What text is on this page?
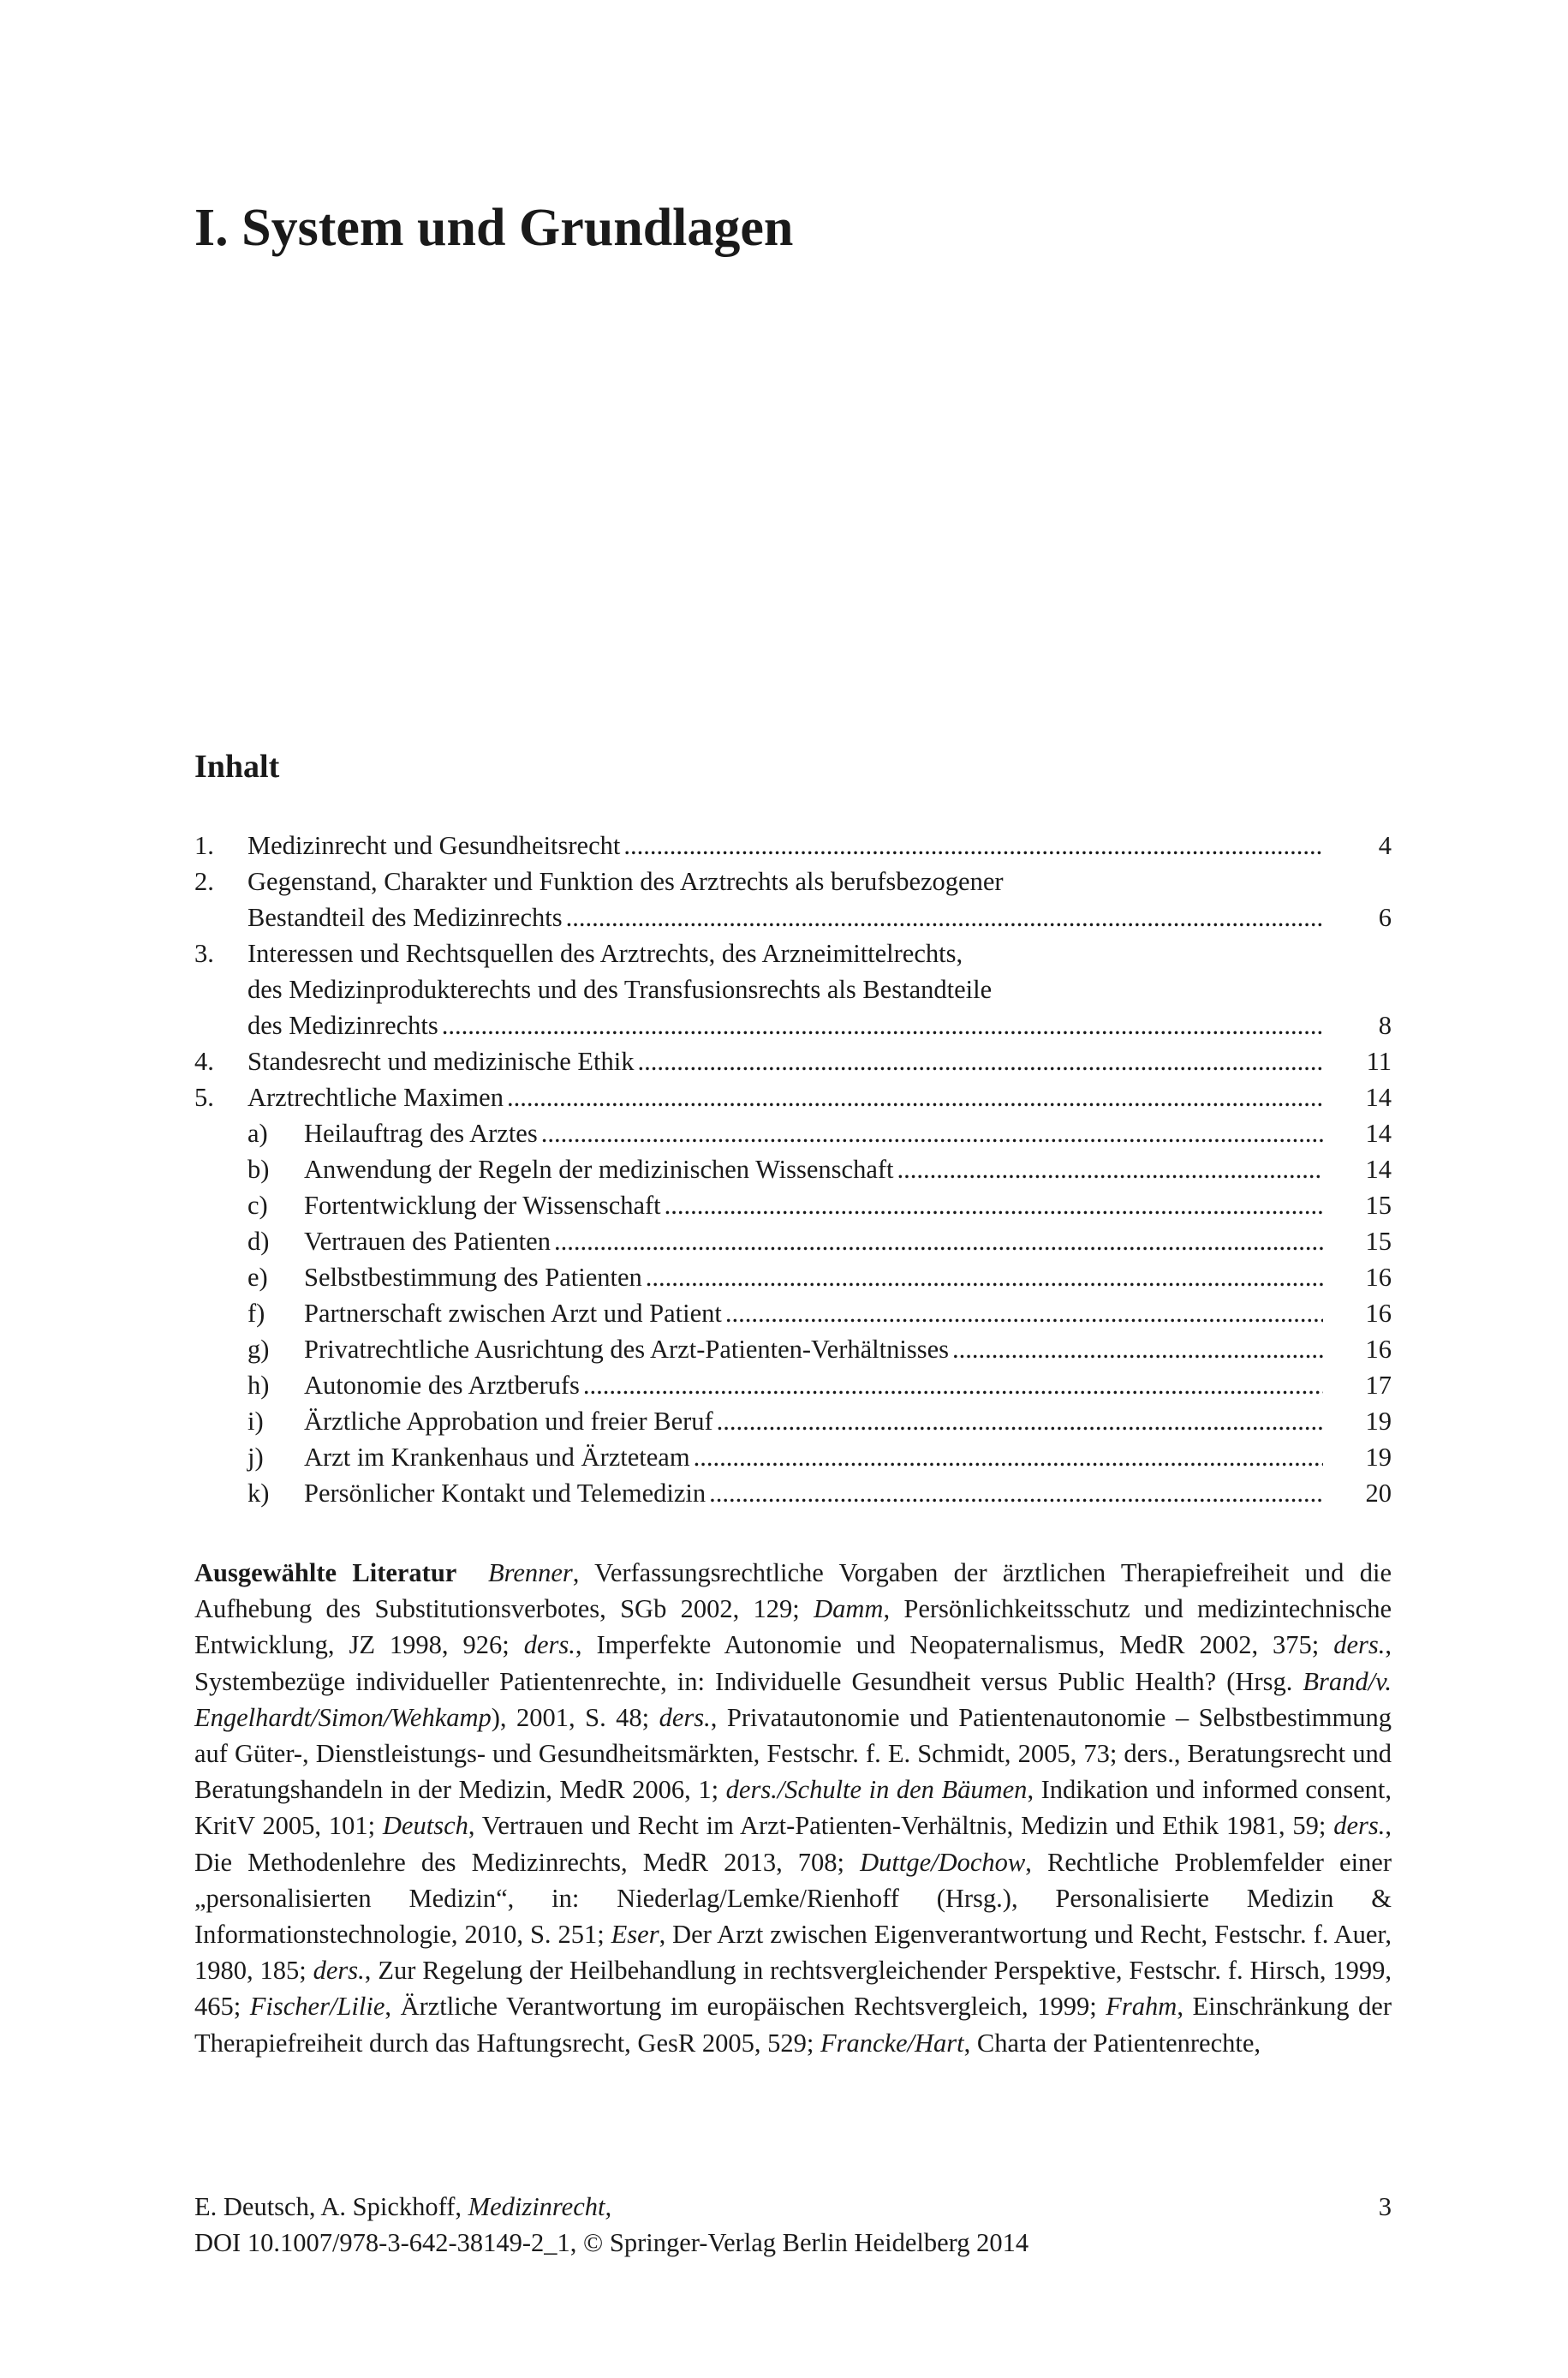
I. System und Grundlagen
Inhalt
1.	Medizinrecht und Gesundheitsrecht .....	4
2.	Gegenstand, Charakter und Funktion des Arztrechts als berufsbezogener
Bestandteil des Medizinrechts .....	6
3.	Interessen und Rechtsquellen des Arztrechts, des Arzneimittelrechts,
des Medizinprodukterechts und des Transfusionsrechts als Bestandteile
des Medizinrechts .....	8
4.	Standesrecht und medizinische Ethik .....	11
5.	Arztrechtliche Maximen .....	14
a)	Heilauftrag des Arztes .....	14
b)	Anwendung der Regeln der medizinischen Wissenschaft .....	14
c)	Fortentwicklung der Wissenschaft .....	15
d)	Vertrauen des Patienten .....	15
e)	Selbstbestimmung des Patienten .....	16
f)	Partnerschaft zwischen Arzt und Patient .....	16
g)	Privatrechtliche Ausrichtung des Arzt-Patienten-Verhältnisses .....	16
h)	Autonomie des Arztberufs .....	17
i)	Ärztliche Approbation und freier Beruf .....	19
j)	Arzt im Krankenhaus und Ärzteteam .....	19
k)	Persönlicher Kontakt und Telemedizin .....	20

Ausgewählte Literatur Brenner, Verfassungsrechtliche Vorgaben der ärztlichen Therapiefreiheit und die Aufhebung des Substitutionsverbotes, SGb 2002, 129; Damm, Persönlichkeitsschutz und medizintechnische Entwicklung, JZ 1998, 926; ders., Imperfekte Autonomie und Neopaternalismus, MedR 2002, 375; ders., Systembezüge individueller Patientenrechte, in: Individuelle Gesundheit versus Public Health? (Hrsg. Brand/v. Engelhardt/Simon/Wehkamp), 2001, S. 48; ders., Privatautonomie und Patientenautonomie – Selbstbestimmung auf Güter-, Dienstleistungs- und Gesundheitsmärkten, Festschr. f. E. Schmidt, 2005, 73; ders., Beratungsrecht und Beratungshandeln in der Medizin, MedR 2006, 1; ders./Schulte in den Bäumen, Indikation und informed consent, KritV 2005, 101; Deutsch, Vertrauen und Recht im Arzt-Patienten-Verhältnis, Medizin und Ethik 1981, 59; ders., Die Methodenlehre des Medizinrechts, MedR 2013, 708; Duttge/Dochow, Rechtliche Problemfelder einer „personalisierten Medizin“, in: Niederlag/Lemke/Rienhoff (Hrsg.), Personalisierte Medizin & Informationstechnologie, 2010, S. 251; Eser, Der Arzt zwischen Eigenverantwortung und Recht, Festschr. f. Auer, 1980, 185; ders., Zur Regelung der Heilbehandlung in rechtsvergleichender Perspektive, Festschr. f. Hirsch, 1999, 465; Fischer/Lilie, Ärztliche Verantwortung im europäischen Rechtsvergleich, 1999; Frahm, Einschränkung der Therapiefreiheit durch das Haftungsrecht, GesR 2005, 529; Francke/Hart, Charta der Patientenrechte,

E. Deutsch, A. Spickhoff, Medizinrecht,	3
DOI 10.1007/978-3-642-38149-2_1, © Springer-Verlag Berlin Heidelberg 2014
